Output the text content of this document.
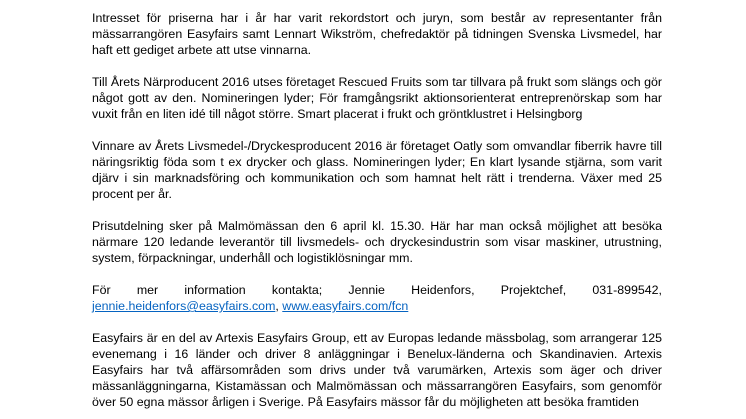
Intresset för priserna har i år har varit rekordstort och juryn, som består av representanter från mässarrangören Easyfairs samt Lennart Wikström, chefredaktör på tidningen Svenska Livsmedel, har haft ett gediget arbete att utse vinnarna.

Till Årets Närproducent 2016 utses företaget Rescued Fruits som tar tillvara på frukt som slängs och gör något gott av den. Nomineringen lyder; För framgångsrikt aktionsorienterat entreprenörskap som har vuxit från en liten idé till något större. Smart placerat i frukt och gröntklustret i Helsingborg

Vinnare av Årets Livsmedel-/Dryckesproducent 2016 är företaget Oatly som omvandlar fiberrik havre till näringsriktig föda som t ex drycker och glass. Nomineringen lyder; En klart lysande stjärna, som varit djärv i sin marknadsföring och kommunikation och som hamnat helt rätt i trenderna. Växer med 25 procent per år.

Prisutdelning sker på Malmömässan den 6 april kl. 15.30. Här har man också möjlighet att besöka närmare 120 ledande leverantör till livsmedels- och dryckesindustrin som visar maskiner, utrustning, system, förpackningar, underhåll och logistiklösningar mm.

För mer information kontakta; Jennie Heidenfors, Projektchef, 031-899542, jennie.heidenfors@easyfairs.com, www.easyfairs.com/fcn

Easyfairs är en del av Artexis Easyfairs Group, ett av Europas ledande mässbolag, som arrangerar 125 evenemang i 16 länder och driver 8 anläggningar i Benelux-länderna och Skandinavien. Artexis Easyfairs har två affärsområden som drivs under två varumärken, Artexis som äger och driver mässanläggningarna, Kistamässan och Malmömässan och mässarrangören Easyfairs, som genomför över 50 egna mässor årligen i Sverige. På Easyfairs mässor får du möjligheten att besöka framtiden
